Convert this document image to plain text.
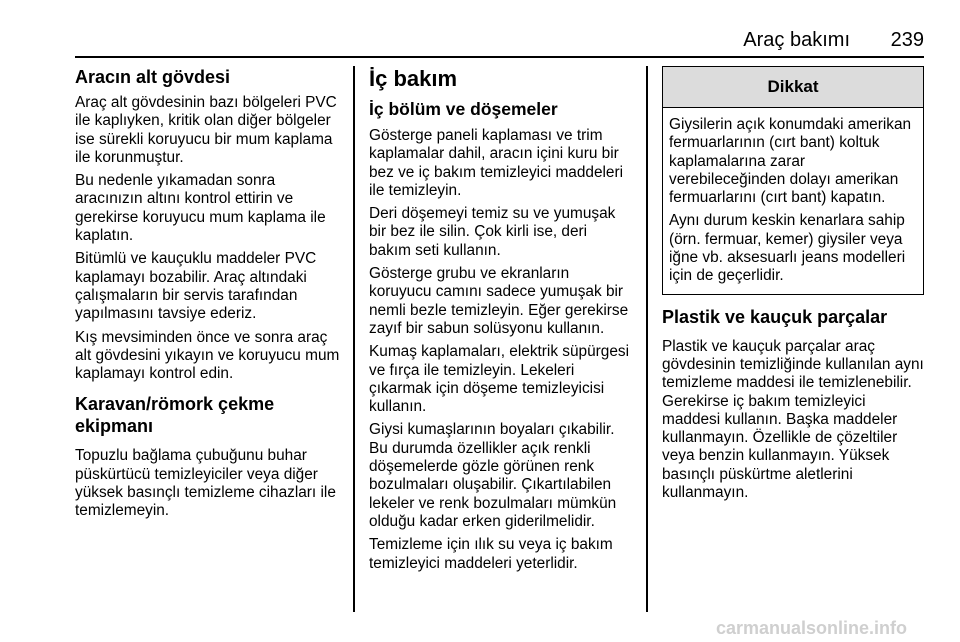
Araç bakımı 239
Aracın alt gövdesi

Araç alt gövdesinin bazı bölgeleri PVC ile kaplıyken, kritik olan diğer bölgeler ise sürekli koruyucu bir mum kaplama ile korunmuştur.

Bu nedenle yıkamadan sonra aracınızın altını kontrol ettirin ve gerekirse koruyucu mum kaplama ile kaplatın.

Bitümlü ve kauçuklu maddeler PVC kaplamayı bozabilir. Araç altındaki çalışmaların bir servis tarafından yapılmasını tavsiye ederiz.

Kış mevsiminden önce ve sonra araç alt gövdesini yıkayın ve koruyucu mum kaplamayı kontrol edin.

Karavan/römork çekme ekipmanı

Topuzlu bağlama çubuğunu buhar püskürtücü temizleyiciler veya diğer yüksek basınçlı temizleme cihazları ile temizlemeyin.

İç bakım
İç bölüm ve döşemeler

Gösterge paneli kaplaması ve trim kaplamalar dahil, aracın içini kuru bir bez ve iç bakım temizleyici maddeleri ile temizleyin.

Deri döşemeyi temiz su ve yumuşak bir bez ile silin. Çok kirli ise, deri bakım seti kullanın.

Gösterge grubu ve ekranların koruyucu camını sadece yumuşak bir nemli bezle temizleyin. Eğer gerekirse zayıf bir sabun solüsyonu kullanın.

Kumaş kaplamaları, elektrik süpürgesi ve fırça ile temizleyin. Lekeleri çıkarmak için döşeme temizleyicisi kullanın.

Giysi kumaşlarının boyaları çıkabilir. Bu durumda özellikler açık renkli döşemelerde gözle görünen renk bozulmaları oluşabilir. Çıkartılabilen lekeler ve renk bozulmaları mümkün olduğu kadar erken giderilmelidir.

Temizleme için ılık su veya iç bakım temizleyici maddeleri yeterlidir.

Dikkat

Giysilerin açık konumdaki amerikan fermuarlarının (cırt bant) koltuk kaplamalarına zarar verebileceğinden dolayı amerikan fermuarlarını (cırt bant) kapatın.

Aynı durum keskin kenarlara sahip (örn. fermuar, kemer) giysiler veya iğne vb. aksesuarlı jeans modelleri için de geçerlidir.

Plastik ve kauçuk parçalar

Plastik ve kauçuk parçalar araç gövdesinin temizliğinde kullanılan aynı temizleme maddesi ile temizlenebilir. Gerekirse iç bakım temizleyici maddesi kullanın. Başka maddeler kullanmayın. Özellikle de çözeltiler veya benzin kullanmayın. Yüksek basınçlı püskürtme aletlerini kullanmayın.

carmanualsonline.info
